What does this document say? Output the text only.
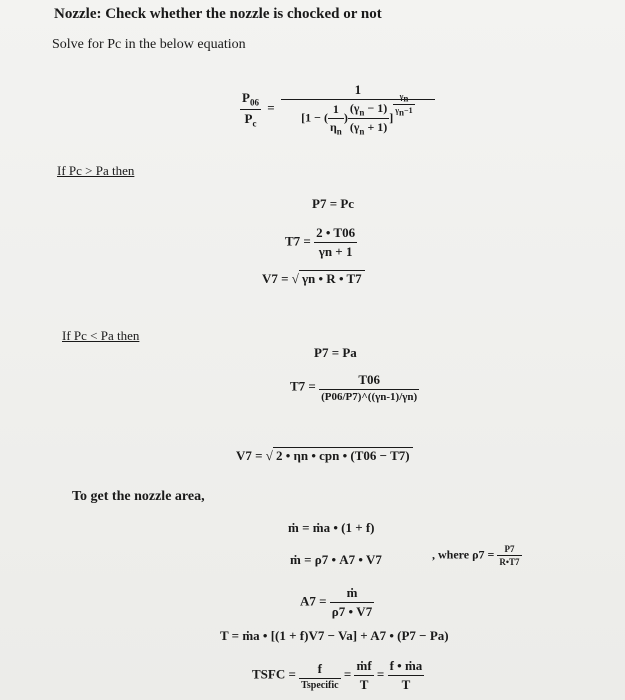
Nozzle: Check whether the nozzle is chocked or not
Solve for Pc in the below equation
$\frac{P_{06}}{P_c} = 1$
[1 − ( $\frac{1}{\eta_n}$ ) $\frac{(\gamma_n - 1)}{(\gamma_n + 1)}$ ] $^{\frac{\gamma_n}{\gamma_n-1}}$
If Pc > Pa then
P7 = Pc
$T7 = \frac{2 • T06}{\gamma n + 1}$
V7 = √ γn • R • T7
If Pc < Pa then
P7 = Pa
$T7 = \frac{T06}{(P06/P7)\^{}((\gamma n-1)/\gamma n)}$
V7 = √ 2 • ηn • cpn • (T06 − T7)
To get the nozzle area,
ṁ = ṁa • (1 + f)
ṁ = ρ7 • A7 • V7	, where $\rho 7 = \frac{P7}{R•T7}$
$A7 = \frac{\text{ṁ}}{\rho 7 • V7}$
T = ṁa • [(1 + f)V7 − Va] + A7 • (P7 − Pa)
TSFC = $\frac{f}{\text{Tspecific}} = \frac{\text{ṁf}}{T} = \frac{\text{f • ṁa}}{T}$
